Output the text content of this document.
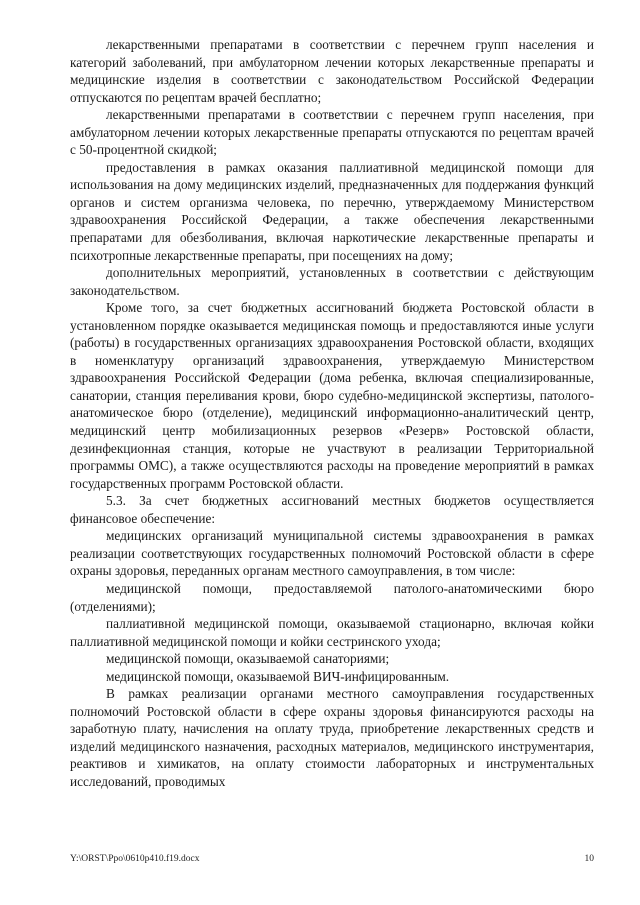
лекарственными препаратами в соответствии с перечнем групп населения и категорий заболеваний, при амбулаторном лечении которых лекарственные препараты и медицинские изделия в соответствии с законодательством Российской Федерации отпускаются по рецептам врачей бесплатно;

лекарственными препаратами в соответствии с перечнем групп населения, при амбулаторном лечении которых лекарственные препараты отпускаются по рецептам врачей с 50-процентной скидкой;

предоставления в рамках оказания паллиативной медицинской помощи для использования на дому медицинских изделий, предназначенных для поддержания функций органов и систем организма человека, по перечню, утверждаемому Министерством здравоохранения Российской Федерации, а также обеспечения лекарственными препаратами для обезболивания, включая наркотические лекарственные препараты и психотропные лекарственные препараты, при посещениях на дому;

дополнительных мероприятий, установленных в соответствии с действующим законодательством.

Кроме того, за счет бюджетных ассигнований бюджета Ростовской области в установленном порядке оказывается медицинская помощь и предоставляются иные услуги (работы) в государственных организациях здравоохранения Ростовской области, входящих в номенклатуру организаций здравоохранения, утверждаемую Министерством здравоохранения Российской Федерации (дома ребенка, включая специализированные, санатории, станция переливания крови, бюро судебно-медицинской экспертизы, патолого-анатомическое бюро (отделение), медицинский информационно-аналитический центр, медицинский центр мобилизационных резервов «Резерв» Ростовской области, дезинфекционная станция, которые не участвуют в реализации Территориальной программы ОМС), а также осуществляются расходы на проведение мероприятий в рамках государственных программ Ростовской области.

5.3. За счет бюджетных ассигнований местных бюджетов осуществляется финансовое обеспечение:

медицинских организаций муниципальной системы здравоохранения в рамках реализации соответствующих государственных полномочий Ростовской области в сфере охраны здоровья, переданных органам местного самоуправления, в том числе:

медицинской помощи, предоставляемой патолого-анатомическими бюро (отделениями);

паллиативной медицинской помощи, оказываемой стационарно, включая койки паллиативной медицинской помощи и койки сестринского ухода;

медицинской помощи, оказываемой санаториями;

медицинской помощи, оказываемой ВИЧ-инфицированным.

В рамках реализации органами местного самоуправления государственных полномочий Ростовской области в сфере охраны здоровья финансируются расходы на заработную плату, начисления на оплату труда, приобретение лекарственных средств и изделий медицинского назначения, расходных материалов, медицинского инструментария, реактивов и химикатов, на оплату стоимости лабораторных и инструментальных исследований, проводимых

Y:\ORST\Ppo\0610p410.f19.docx	10
